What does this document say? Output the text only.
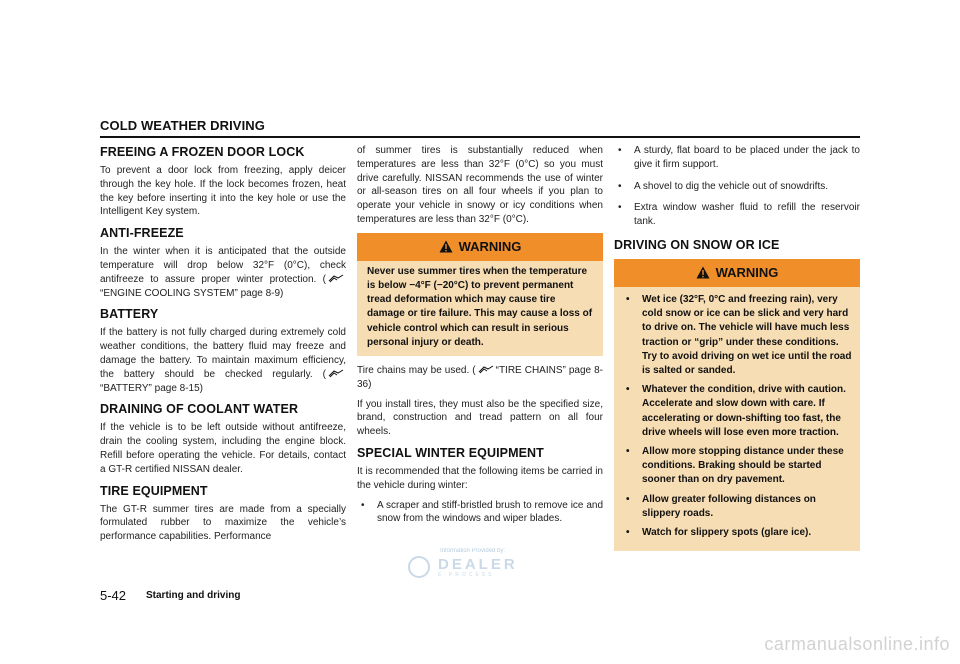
COLD WEATHER DRIVING
FREEING A FROZEN DOOR LOCK

To prevent a door lock from freezing, apply deicer through the key hole. If the lock becomes frozen, heat the key before inserting it into the key hole or use the Intelligent Key system.

ANTI-FREEZE

In the winter when it is anticipated that the outside temperature will drop below 32°F (0°C), check antifreeze to assure proper winter protection. (“ENGINE COOLING SYSTEM” page 8-9)

BATTERY

If the battery is not fully charged during extremely cold weather conditions, the battery fluid may freeze and damage the battery. To maintain maximum efficiency, the battery should be checked regularly. (“BATTERY” page 8-15)

DRAINING OF COOLANT WATER

If the vehicle is to be left outside without antifreeze, drain the cooling system, including the engine block. Refill before operating the vehicle. For details, contact a GT-R certified NISSAN dealer.

TIRE EQUIPMENT

The GT-R summer tires are made from a specially formulated rubber to maximize the vehicle’s performance capabilities. Performance

of summer tires is substantially reduced when temperatures are less than 32°F (0°C) so you must drive carefully. NISSAN recommends the use of winter or all-season tires on all four wheels if you plan to operate your vehicle in snowy or icy conditions when temperatures are less than 32°F (0°C).

WARNING
Never use summer tires when the temperature is below −4°F (−20°C) to prevent permanent tread deformation which may cause tire damage or tire failure. This may cause a loss of vehicle control which can result in serious personal injury or death.

Tire chains may be used. ( “TIRE CHAINS” page 8-36)

If you install tires, they must also be the specified size, brand, construction and tread pattern on all four wheels.

SPECIAL WINTER EQUIPMENT

It is recommended that the following items be carried in the vehicle during winter:

• A scraper and stiff-bristled brush to remove ice and snow from the windows and wiper blades.
• A sturdy, flat board to be placed under the jack to give it firm support.
• A shovel to dig the vehicle out of snowdrifts.
• Extra window washer fluid to refill the reservoir tank.
DRIVING ON SNOW OR ICE
WARNING
• Wet ice (32°F, 0°C and freezing rain), very cold snow or ice can be slick and very hard to drive on. The vehicle will have much less traction or “grip” under these conditions. Try to avoid driving on wet ice until the road is salted or sanded.
• Whatever the condition, drive with caution. Accelerate and slow down with care. If accelerating or down-shifting too fast, the drive wheels will lose even more traction.
• Allow more stopping distance under these conditions. Braking should be started sooner than on dry pavement.
• Allow greater following distances on slippery roads.
• Watch for slippery spots (glare ice).
5-42 Starting and driving
Information Provided by:
DEALER
E-PROCESS
carmanualsonline.info
